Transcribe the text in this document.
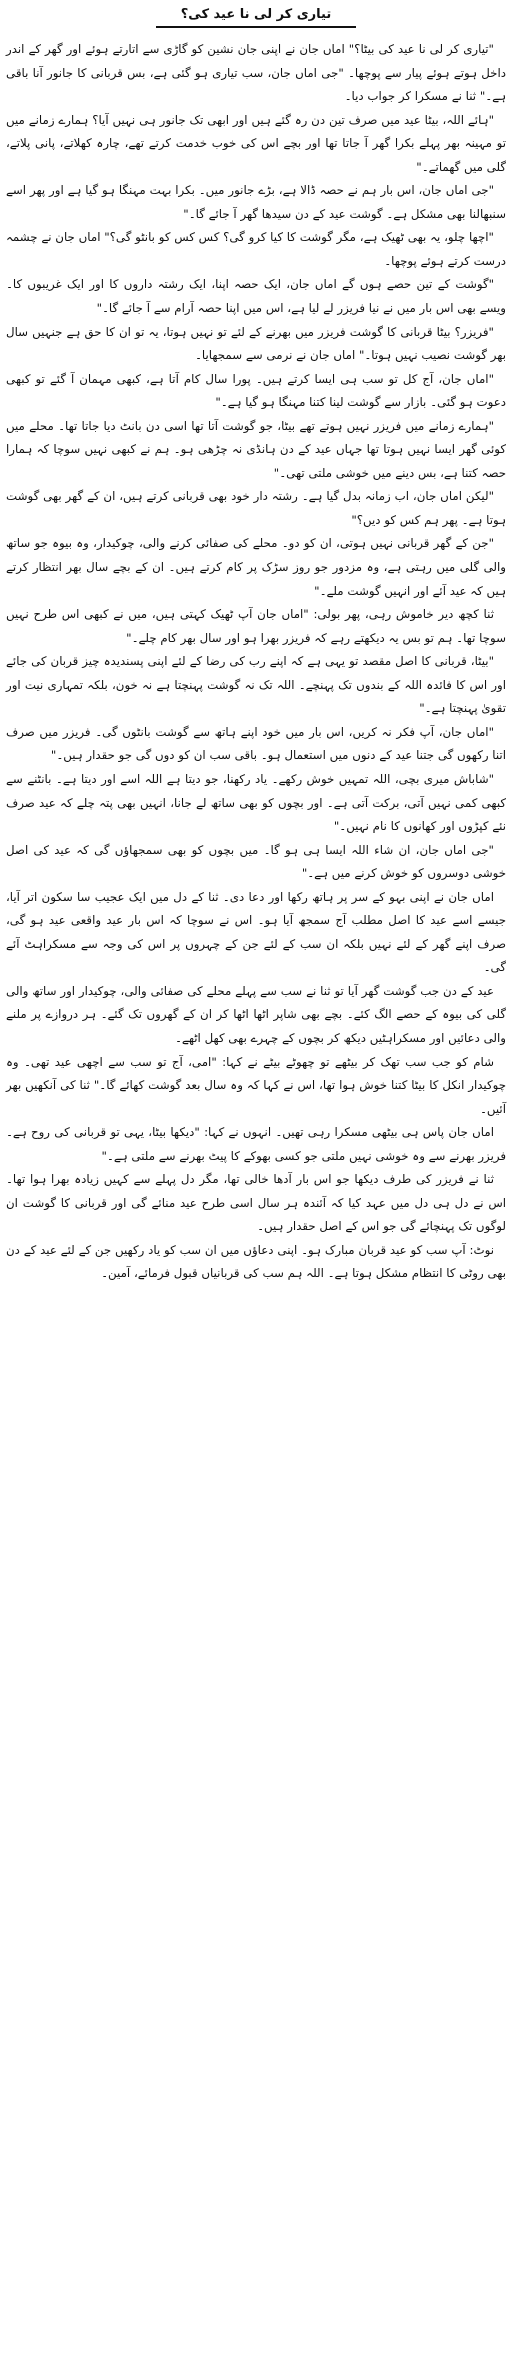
تیاری کر لی نا عید کی؟

"تیاری کر لی نا عید کی بیٹا؟" اماں جان نے اپنی جان نشین کو گاڑی سے اتارتے ہوئے اور گھر کے اندر داخل ہوتے ہوئے پیار سے پوچھا۔ "جی اماں جان، سب تیاری ہو گئی ہے، بس قربانی کا جانور آنا باقی ہے۔" ثنا نے مسکرا کر جواب دیا۔

"ہائے اللہ، بیٹا عید میں صرف تین دن رہ گئے ہیں اور ابھی تک جانور ہی نہیں آیا؟ ہمارے زمانے میں تو مہینہ بھر پہلے بکرا گھر آ جاتا تھا اور بچے اس کی خوب خدمت کرتے تھے، چارہ کھلاتے، پانی پلاتے، گلی میں گھماتے۔"

"جی اماں جان، اس بار ہم نے حصہ ڈالا ہے، بڑے جانور میں۔ بکرا بہت مہنگا ہو گیا ہے اور پھر اسے سنبھالنا بھی مشکل ہے۔ گوشت عید کے دن سیدھا گھر آ جائے گا۔"

"اچھا چلو، یہ بھی ٹھیک ہے، مگر گوشت کا کیا کرو گی؟ کس کس کو بانٹو گی؟" اماں جان نے چشمہ درست کرتے ہوئے پوچھا۔

"گوشت کے تین حصے ہوں گے اماں جان، ایک حصہ اپنا، ایک رشتہ داروں کا اور ایک غریبوں کا۔ ویسے بھی اس بار میں نے نیا فریزر لے لیا ہے، اس میں اپنا حصہ آرام سے آ جائے گا۔"

"فریزر؟ بیٹا قربانی کا گوشت فریزر میں بھرنے کے لئے تو نہیں ہوتا، یہ تو ان کا حق ہے جنہیں سال بھر گوشت نصیب نہیں ہوتا۔" اماں جان نے نرمی سے سمجھایا۔

"اماں جان، آج کل تو سب ہی ایسا کرتے ہیں۔ پورا سال کام آتا ہے، کبھی مہمان آ گئے تو کبھی دعوت ہو گئی۔ بازار سے گوشت لینا کتنا مہنگا ہو گیا ہے۔"

"ہمارے زمانے میں فریزر نہیں ہوتے تھے بیٹا، جو گوشت آتا تھا اسی دن بانٹ دیا جاتا تھا۔ محلے میں کوئی گھر ایسا نہیں ہوتا تھا جہاں عید کے دن ہانڈی نہ چڑھی ہو۔ ہم نے کبھی نہیں سوچا کہ ہمارا حصہ کتنا ہے، بس دینے میں خوشی ملتی تھی۔"

"لیکن اماں جان، اب زمانہ بدل گیا ہے۔ رشتہ دار خود بھی قربانی کرتے ہیں، ان کے گھر بھی گوشت ہوتا ہے۔ پھر ہم کس کو دیں؟"

"جن کے گھر قربانی نہیں ہوتی، ان کو دو۔ محلے کی صفائی کرنے والی، چوکیدار، وہ بیوہ جو ساتھ والی گلی میں رہتی ہے، وہ مزدور جو روز سڑک پر کام کرتے ہیں۔ ان کے بچے سال بھر انتظار کرتے ہیں کہ عید آئے اور انہیں گوشت ملے۔"

ثنا کچھ دیر خاموش رہی، پھر بولی: "اماں جان آپ ٹھیک کہتی ہیں، میں نے کبھی اس طرح نہیں سوچا تھا۔ ہم تو بس یہ دیکھتے رہے کہ فریزر بھرا ہو اور سال بھر کام چلے۔"

"بیٹا، قربانی کا اصل مقصد تو یہی ہے کہ اپنے رب کی رضا کے لئے اپنی پسندیدہ چیز قربان کی جائے اور اس کا فائدہ اللہ کے بندوں تک پہنچے۔ اللہ تک نہ گوشت پہنچتا ہے نہ خون، بلکہ تمہاری نیت اور تقویٰ پہنچتا ہے۔"

"اماں جان، آپ فکر نہ کریں، اس بار میں خود اپنے ہاتھ سے گوشت بانٹوں گی۔ فریزر میں صرف اتنا رکھوں گی جتنا عید کے دنوں میں استعمال ہو۔ باقی سب ان کو دوں گی جو حقدار ہیں۔"

"شاباش میری بچی، اللہ تمہیں خوش رکھے۔ یاد رکھنا، جو دیتا ہے اللہ اسے اور دیتا ہے۔ بانٹنے سے کبھی کمی نہیں آتی، برکت آتی ہے۔ اور بچوں کو بھی ساتھ لے جانا، انہیں بھی پتہ چلے کہ عید صرف نئے کپڑوں اور کھانوں کا نام نہیں۔"

"جی اماں جان، ان شاء اللہ ایسا ہی ہو گا۔ میں بچوں کو بھی سمجھاؤں گی کہ عید کی اصل خوشی دوسروں کو خوش کرنے میں ہے۔"

اماں جان نے اپنی بہو کے سر پر ہاتھ رکھا اور دعا دی۔ ثنا کے دل میں ایک عجیب سا سکون اتر آیا، جیسے اسے عید کا اصل مطلب آج سمجھ آیا ہو۔ اس نے سوچا کہ اس بار عید واقعی عید ہو گی، صرف اپنے گھر کے لئے نہیں بلکہ ان سب کے لئے جن کے چہروں پر اس کی وجہ سے مسکراہٹ آئے گی۔

عید کے دن جب گوشت گھر آیا تو ثنا نے سب سے پہلے محلے کی صفائی والی، چوکیدار اور ساتھ والی گلی کی بیوہ کے حصے الگ کئے۔ بچے بھی شاپر اٹھا اٹھا کر ان کے گھروں تک گئے۔ ہر دروازے پر ملنے والی دعائیں اور مسکراہٹیں دیکھ کر بچوں کے چہرے بھی کھل اٹھے۔

شام کو جب سب تھک کر بیٹھے تو چھوٹے بیٹے نے کہا: "امی، آج تو سب سے اچھی عید تھی۔ وہ چوکیدار انکل کا بیٹا کتنا خوش ہوا تھا، اس نے کہا کہ وہ سال بعد گوشت کھائے گا۔" ثنا کی آنکھیں بھر آئیں۔

اماں جان پاس ہی بیٹھی مسکرا رہی تھیں۔ انہوں نے کہا: "دیکھا بیٹا، یہی تو قربانی کی روح ہے۔ فریزر بھرنے سے وہ خوشی نہیں ملتی جو کسی بھوکے کا پیٹ بھرنے سے ملتی ہے۔"

ثنا نے فریزر کی طرف دیکھا جو اس بار آدھا خالی تھا، مگر دل پہلے سے کہیں زیادہ بھرا ہوا تھا۔ اس نے دل ہی دل میں عہد کیا کہ آئندہ ہر سال اسی طرح عید منائے گی اور قربانی کا گوشت ان لوگوں تک پہنچائے گی جو اس کے اصل حقدار ہیں۔

نوٹ: آپ سب کو عید قربان مبارک ہو۔ اپنی دعاؤں میں ان سب کو یاد رکھیں جن کے لئے عید کے دن بھی روٹی کا انتظام مشکل ہوتا ہے۔ اللہ ہم سب کی قربانیاں قبول فرمائے، آمین۔
